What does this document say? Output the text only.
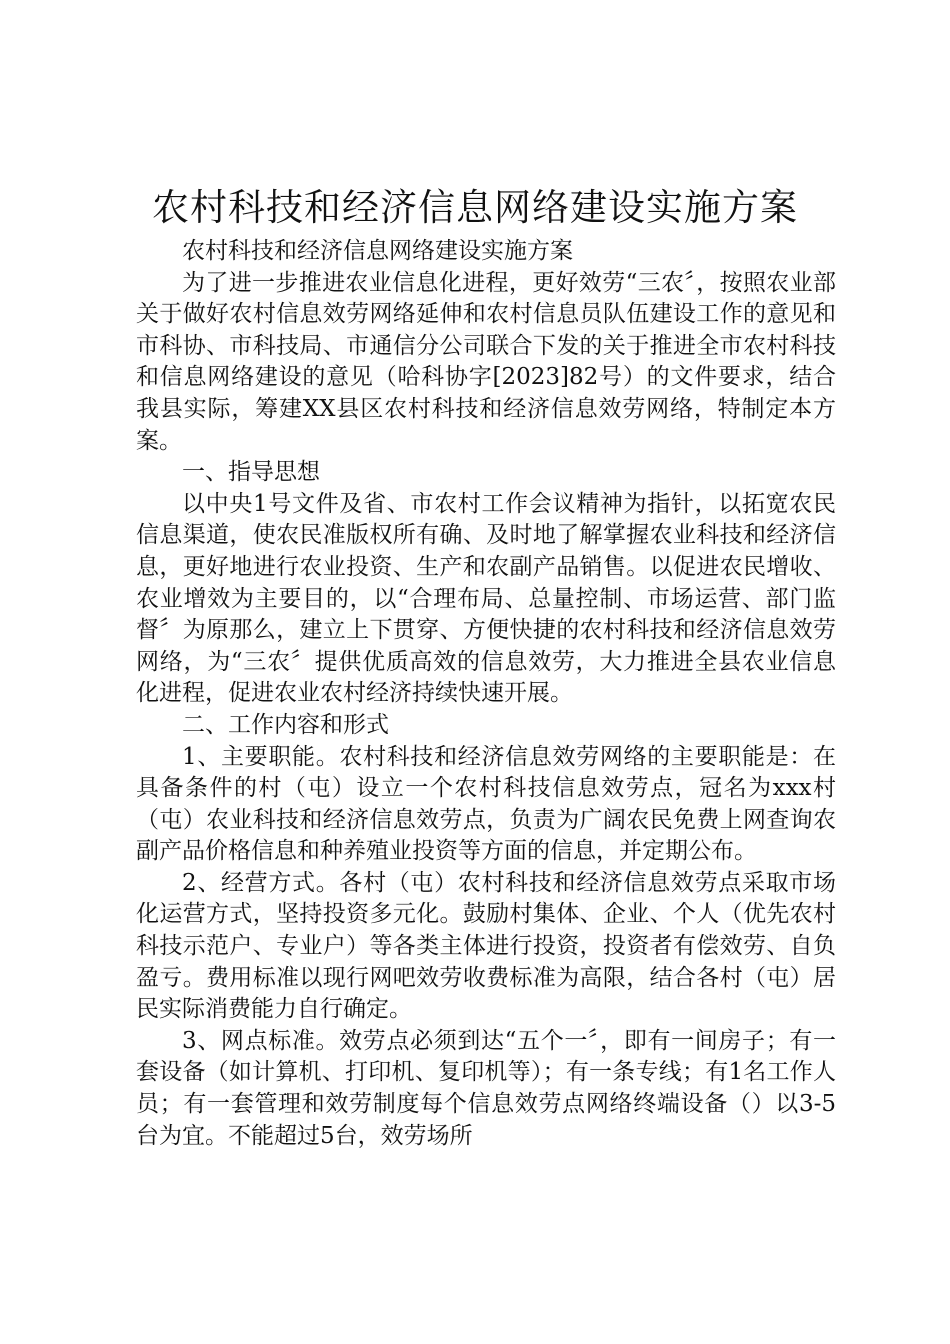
农村科技和经济信息网络建设实施方案

农村科技和经济信息网络建设实施方案

为了进一步推进农业信息化进程，更好效劳“三农〞，按照农业部关于做好农村信息效劳网络延伸和农村信息员队伍建设工作的意见和市科协、市科技局、市通信分公司联合下发的关于推进全市农村科技和信息网络建设的意见（哈科协字[2023]82号）的文件要求，结合我县实际，筹建XX县区农村科技和经济信息效劳网络，特制定本方案。

一、指导思想

以中央1号文件及省、市农村工作会议精神为指针，以拓宽农民信息渠道，使农民准版权所有确、及时地了解掌握农业科技和经济信息，更好地进行农业投资、生产和农副产品销售。以促进农民增收、农业增效为主要目的，以“合理布局、总量控制、市场运营、部门监督〞为原那么，建立上下贯穿、方便快捷的农村科技和经济信息效劳网络，为“三农〞提供优质高效的信息效劳，大力推进全县农业信息化进程，促进农业农村经济持续快速开展。

二、工作内容和形式

1、主要职能。农村科技和经济信息效劳网络的主要职能是：在具备条件的村（屯）设立一个农村科技信息效劳点，冠名为xxx村（屯）农业科技和经济信息效劳点，负责为广阔农民免费上网查询农副产品价格信息和种养殖业投资等方面的信息，并定期公布。

2、经营方式。各村（屯）农村科技和经济信息效劳点采取市场化运营方式，坚持投资多元化。鼓励村集体、企业、个人（优先农村科技示范户、专业户）等各类主体进行投资，投资者有偿效劳、自负盈亏。费用标准以现行网吧效劳收费标准为高限，结合各村（屯）居民实际消费能力自行确定。

3、网点标准。效劳点必须到达“五个一〞，即有一间房子；有一套设备（如计算机、打印机、复印机等）；有一条专线；有1名工作人员；有一套管理和效劳制度每个信息效劳点网络终端设备（）以3-5台为宜。不能超过5台，效劳场所
